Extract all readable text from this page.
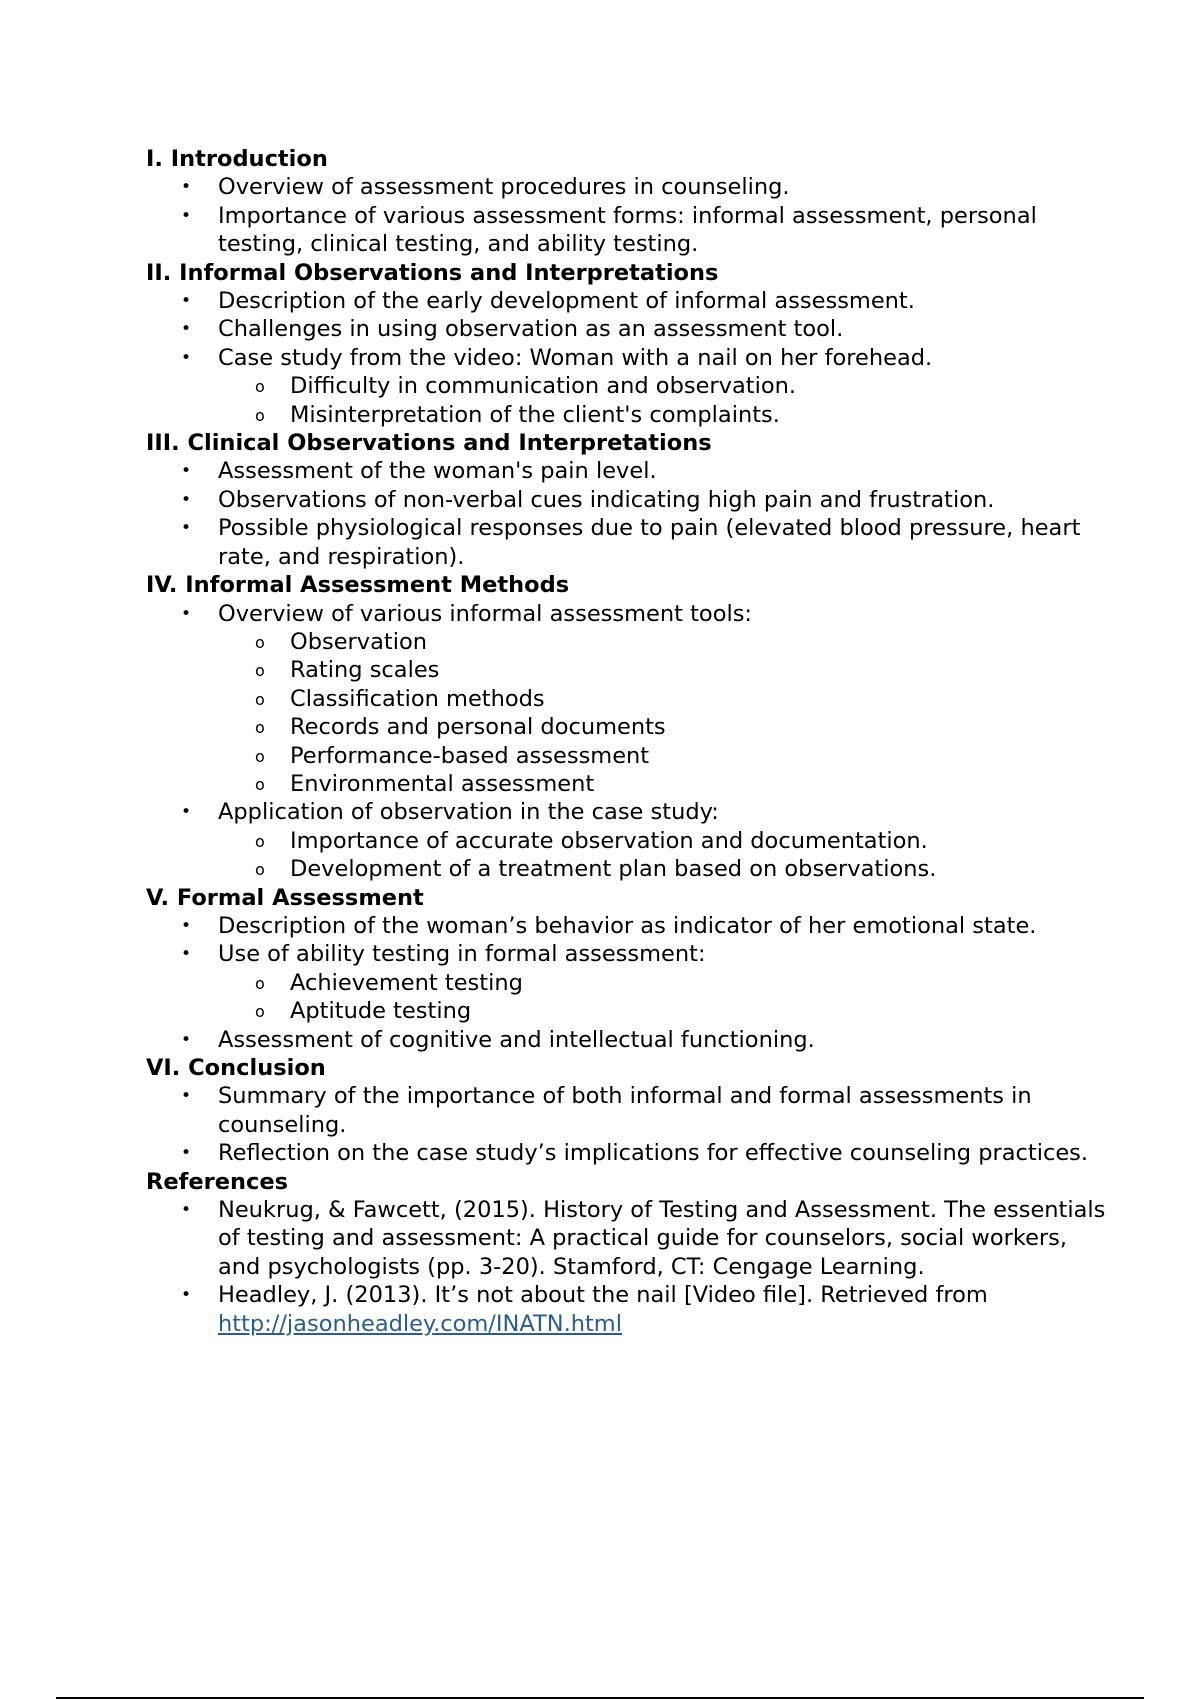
I. Introduction
• Overview of assessment procedures in counseling.
• Importance of various assessment forms: informal assessment, personal testing, clinical testing, and ability testing.
II. Informal Observations and Interpretations
• Description of the early development of informal assessment.
• Challenges in using observation as an assessment tool.
• Case study from the video: Woman with a nail on her forehead.
o Difficulty in communication and observation.
o Misinterpretation of the client's complaints.
III. Clinical Observations and Interpretations
• Assessment of the woman's pain level.
• Observations of non-verbal cues indicating high pain and frustration.
• Possible physiological responses due to pain (elevated blood pressure, heart rate, and respiration).
IV. Informal Assessment Methods
• Overview of various informal assessment tools:
o Observation
o Rating scales
o Classification methods
o Records and personal documents
o Performance-based assessment
o Environmental assessment
• Application of observation in the case study:
o Importance of accurate observation and documentation.
o Development of a treatment plan based on observations.
V. Formal Assessment
• Description of the woman’s behavior as indicator of her emotional state.
• Use of ability testing in formal assessment:
o Achievement testing
o Aptitude testing
• Assessment of cognitive and intellectual functioning.
VI. Conclusion
• Summary of the importance of both informal and formal assessments in counseling.
• Reflection on the case study’s implications for effective counseling practices.
References
• Neukrug, & Fawcett, (2015). History of Testing and Assessment. The essentials of testing and assessment: A practical guide for counselors, social workers, and psychologists (pp. 3-20). Stamford, CT: Cengage Learning.
• Headley, J. (2013). It’s not about the nail [Video file]. Retrieved from http://jasonheadley.com/INATN.html
